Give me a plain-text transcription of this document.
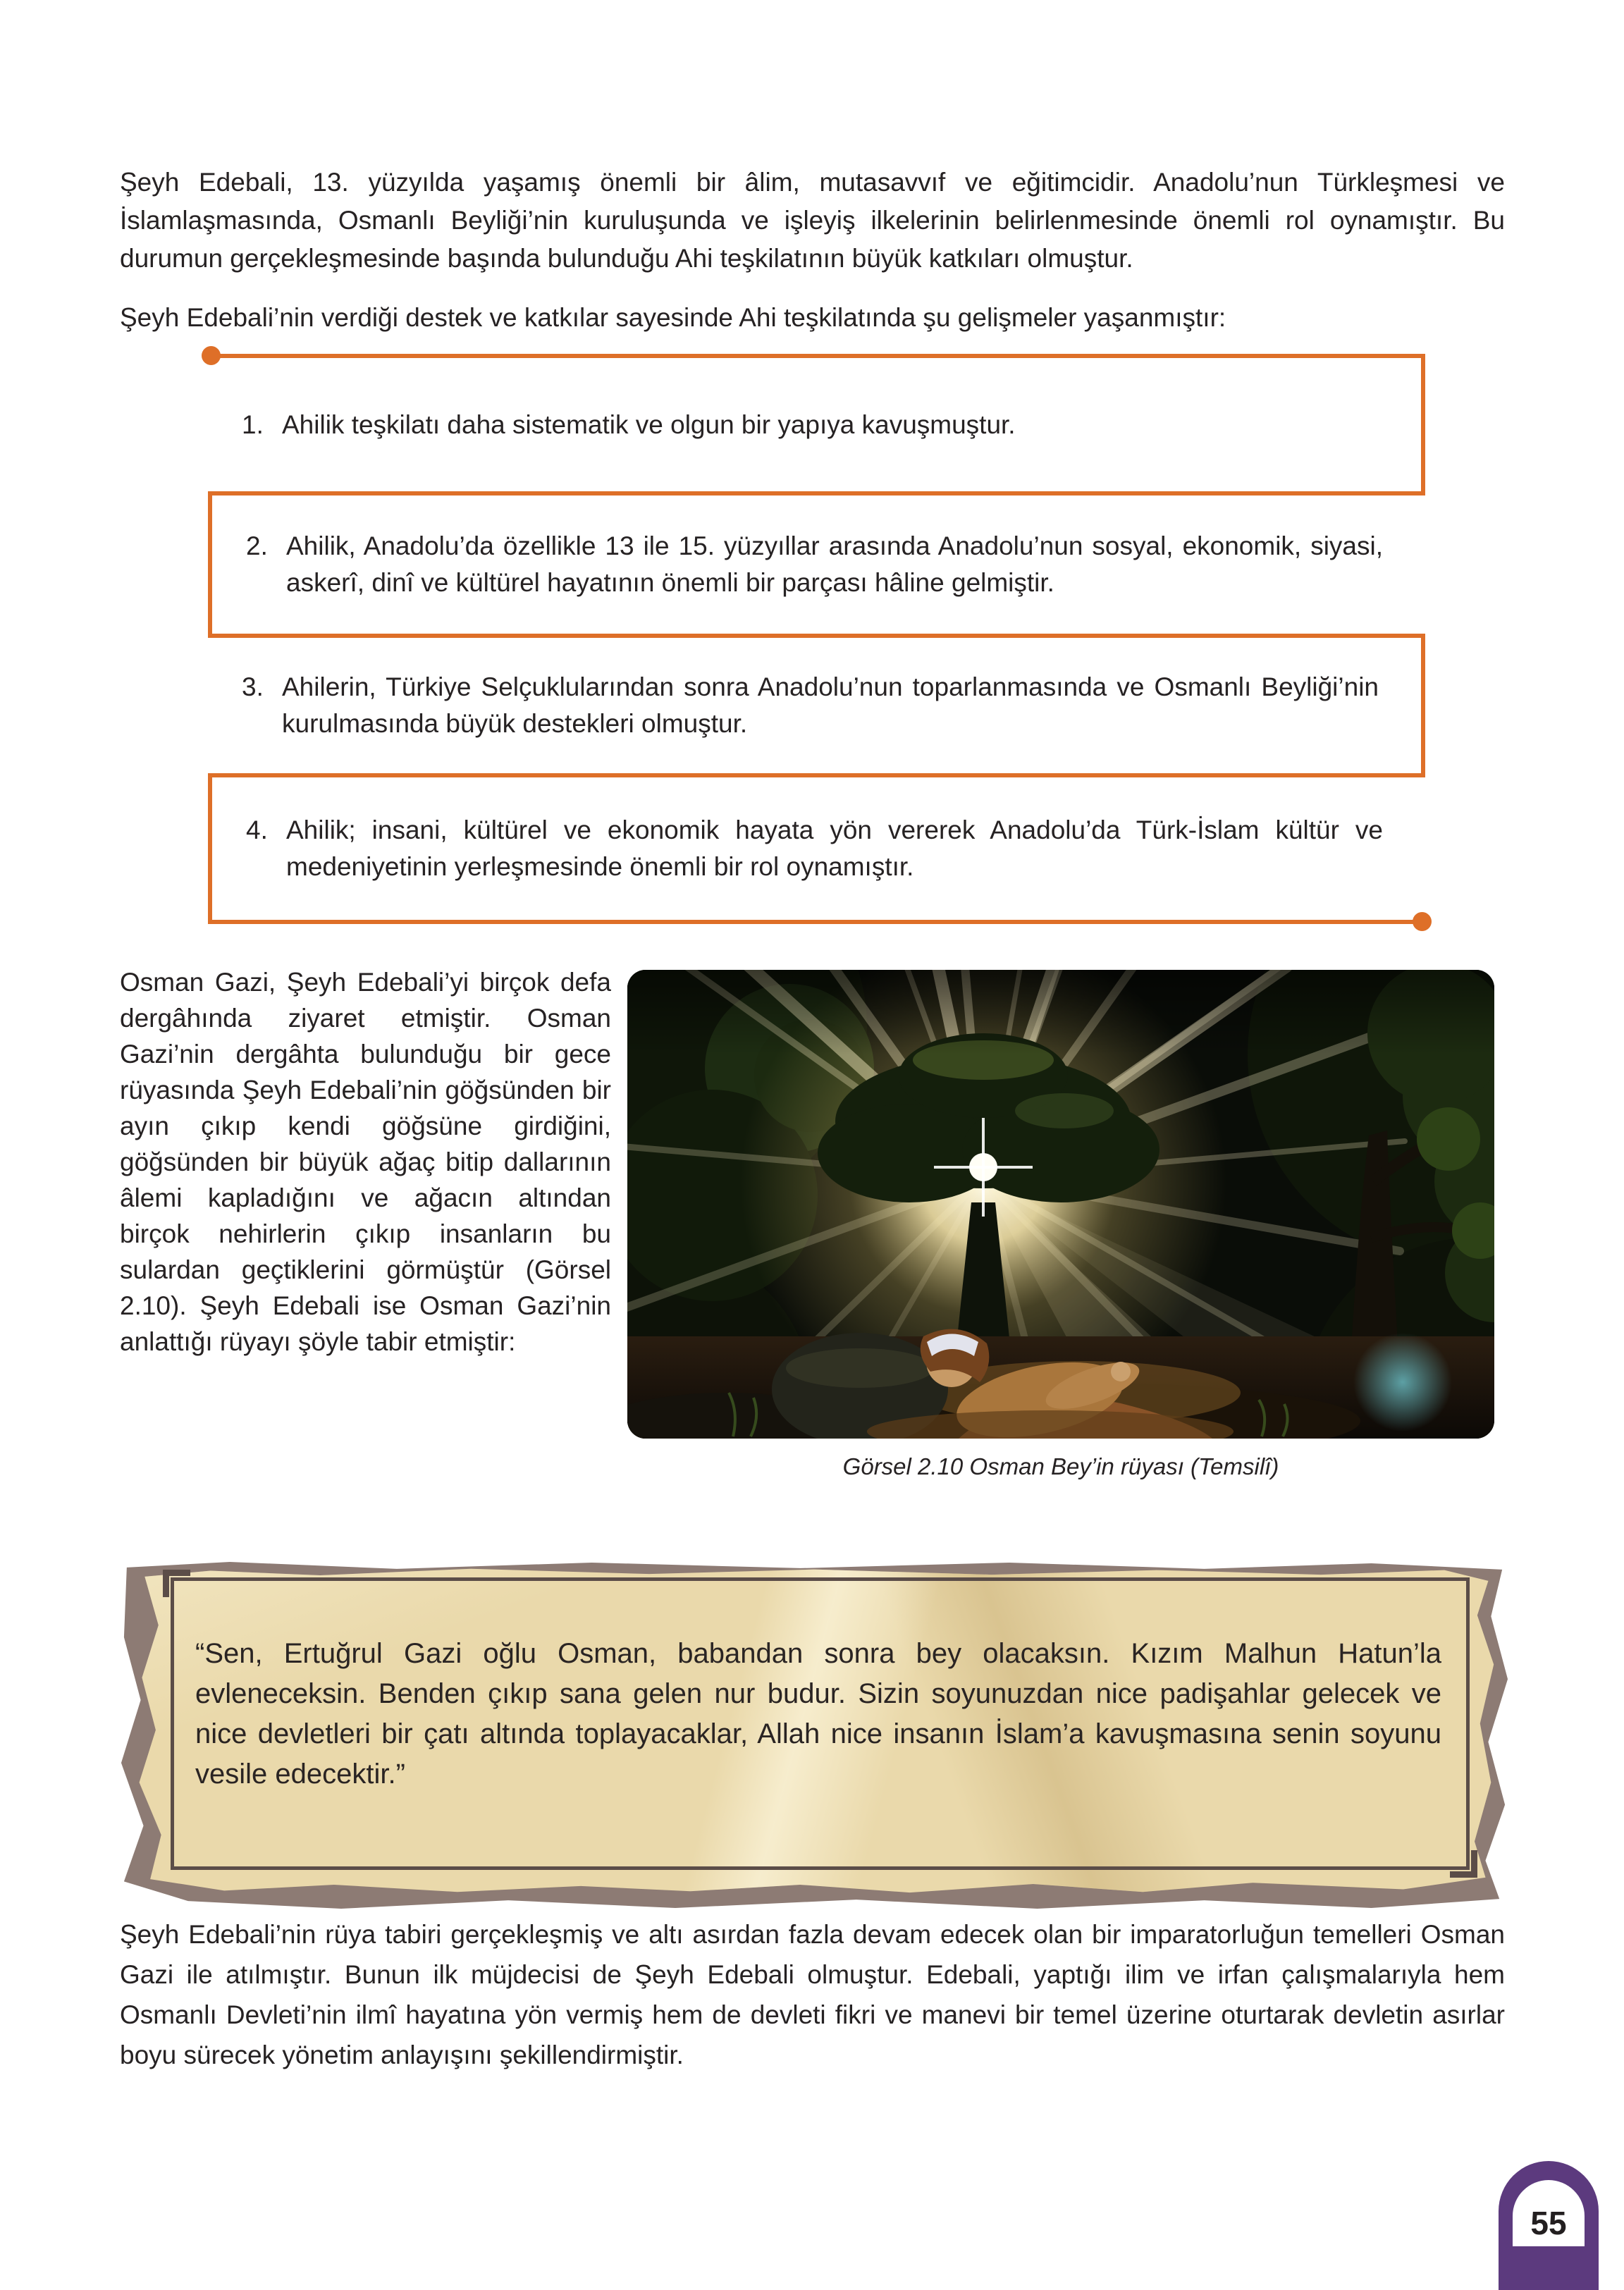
Şeyh Edebali, 13. yüzyılda yaşamış önemli bir âlim, mutasavvıf ve eğitimcidir. Anadolu’nun Türkleşmesi ve İslamlaşmasında, Osmanlı Beyliği’nin kuruluşunda ve işleyiş ilkelerinin belirlenmesinde önemli rol oynamıştır. Bu durumun gerçekleşmesinde başında bulunduğu Ahi teşkilatının büyük katkıları olmuştur.

Şeyh Edebali’nin verdiği destek ve katkılar sayesinde Ahi teşkilatında şu gelişmeler yaşanmıştır:

1. Ahilik teşkilatı daha sistematik ve olgun bir yapıya kavuşmuştur.
2. Ahilik, Anadolu’da özellikle 13 ile 15. yüzyıllar arasında Anadolu’nun sosyal, ekonomik, siyasi, askerî, dinî ve kültürel hayatının önemli bir parçası hâline gelmiştir.
3. Ahilerin, Türkiye Selçuklularından sonra Anadolu’nun toparlanmasında ve Osmanlı Beyliği’nin kurulmasında büyük destekleri olmuştur.
4. Ahilik; insani, kültürel ve ekonomik hayata yön vererek Anadolu’da Türk-İslam kültür ve medeniyetinin yerleşmesinde önemli bir rol oynamıştır.

Osman Gazi, Şeyh Edebali’yi birçok defa dergâhında ziyaret etmiştir. Osman Gazi’nin dergâhta bulunduğu bir gece rüyasında Şeyh Edebali’nin göğsünden bir ayın çıkıp kendi göğsüne girdiğini, göğsünden bir büyük ağaç bitip dallarının âlemi kapladığını ve ağacın altından birçok nehirlerin çıkıp insanların bu sulardan geçtiklerini görmüştür (Görsel 2.10). Şeyh Edebali ise Osman Gazi’nin anlattığı rüyayı şöyle tabir etmiştir:

Görsel 2.10 Osman Bey’in rüyası (Temsilî)

“Sen, Ertuğrul Gazi oğlu Osman, babandan sonra bey olacaksın. Kızım Malhun Hatun’la evleneceksin. Benden çıkıp sana gelen nur budur. Sizin soyunuzdan nice padişahlar gelecek ve nice devletleri bir çatı altında toplayacaklar, Allah nice insanın İslam’a kavuşmasına senin soyunu vesile edecektir.”

Şeyh Edebali’nin rüya tabiri gerçekleşmiş ve altı asırdan fazla devam edecek olan bir imparatorluğun temelleri Osman Gazi ile atılmıştır. Bunun ilk müjdecisi de Şeyh Edebali olmuştur. Edebali, yaptığı ilim ve irfan çalışmalarıyla hem Osmanlı Devleti’nin ilmî hayatına yön vermiş hem de devleti fikri ve manevi bir temel üzerine oturtarak devletin asırlar boyu sürecek yönetim anlayışını şekillendirmiştir.

55
